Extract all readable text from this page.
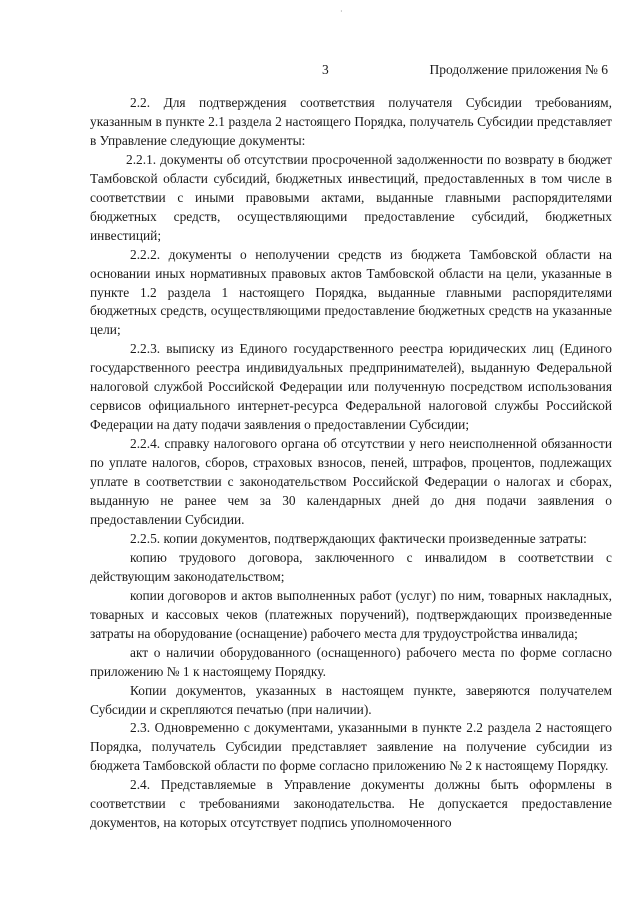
·
3	Продолжение приложения № 6

2.2. Для подтверждения соответствия получателя Субсидии требованиям, указанным в пункте 2.1 раздела 2 настоящего Порядка, получатель Субсидии представляет в Управление следующие документы:

2.2.1. документы об отсутствии просроченной задолженности по возврату в бюджет Тамбовской области субсидий, бюджетных инвестиций, предоставленных в том числе в соответствии с иными правовыми актами, выданные главными распорядителями бюджетных средств, осуществляющими предоставление субсидий, бюджетных инвестиций;

2.2.2. документы о неполучении средств из бюджета Тамбовской области на основании иных нормативных правовых актов Тамбовской области на цели, указанные в пункте 1.2 раздела 1 настоящего Порядка, выданные главными распорядителями бюджетных средств, осуществляющими предоставление бюджетных средств на указанные цели;

2.2.3. выписку из Единого государственного реестра юридических лиц (Единого государственного реестра индивидуальных предпринимателей), выданную Федеральной налоговой службой Российской Федерации или полученную посредством использования сервисов официального интернет-ресурса Федеральной налоговой службы Российской Федерации на дату подачи заявления о предоставлении Субсидии;

2.2.4. справку налогового органа об отсутствии у него неисполненной обязанности по уплате налогов, сборов, страховых взносов, пеней, штрафов, процентов, подлежащих уплате в соответствии с законодательством Российской Федерации о налогах и сборах, выданную не ранее чем за 30 календарных дней до дня подачи заявления о предоставлении Субсидии.

2.2.5. копии документов, подтверждающих фактически произведенные затраты:

копию трудового договора, заключенного с инвалидом в соответствии с действующим законодательством;

копии договоров и актов выполненных работ (услуг) по ним, товарных накладных, товарных и кассовых чеков (платежных поручений), подтверждающих произведенные затраты на оборудование (оснащение) рабочего места для трудоустройства инвалида;

акт о наличии оборудованного (оснащенного) рабочего места по форме согласно приложению № 1 к настоящему Порядку.

Копии документов, указанных в настоящем пункте, заверяются получателем Субсидии и скрепляются печатью (при наличии).

2.3. Одновременно с документами, указанными в пункте 2.2 раздела 2 настоящего Порядка, получатель Субсидии представляет заявление на получение субсидии из бюджета Тамбовской области по форме согласно приложению № 2 к настоящему Порядку.

2.4. Представляемые в Управление документы должны быть оформлены в соответствии с требованиями законодательства. Не допускается предоставление документов, на которых отсутствует подпись уполномоченного
